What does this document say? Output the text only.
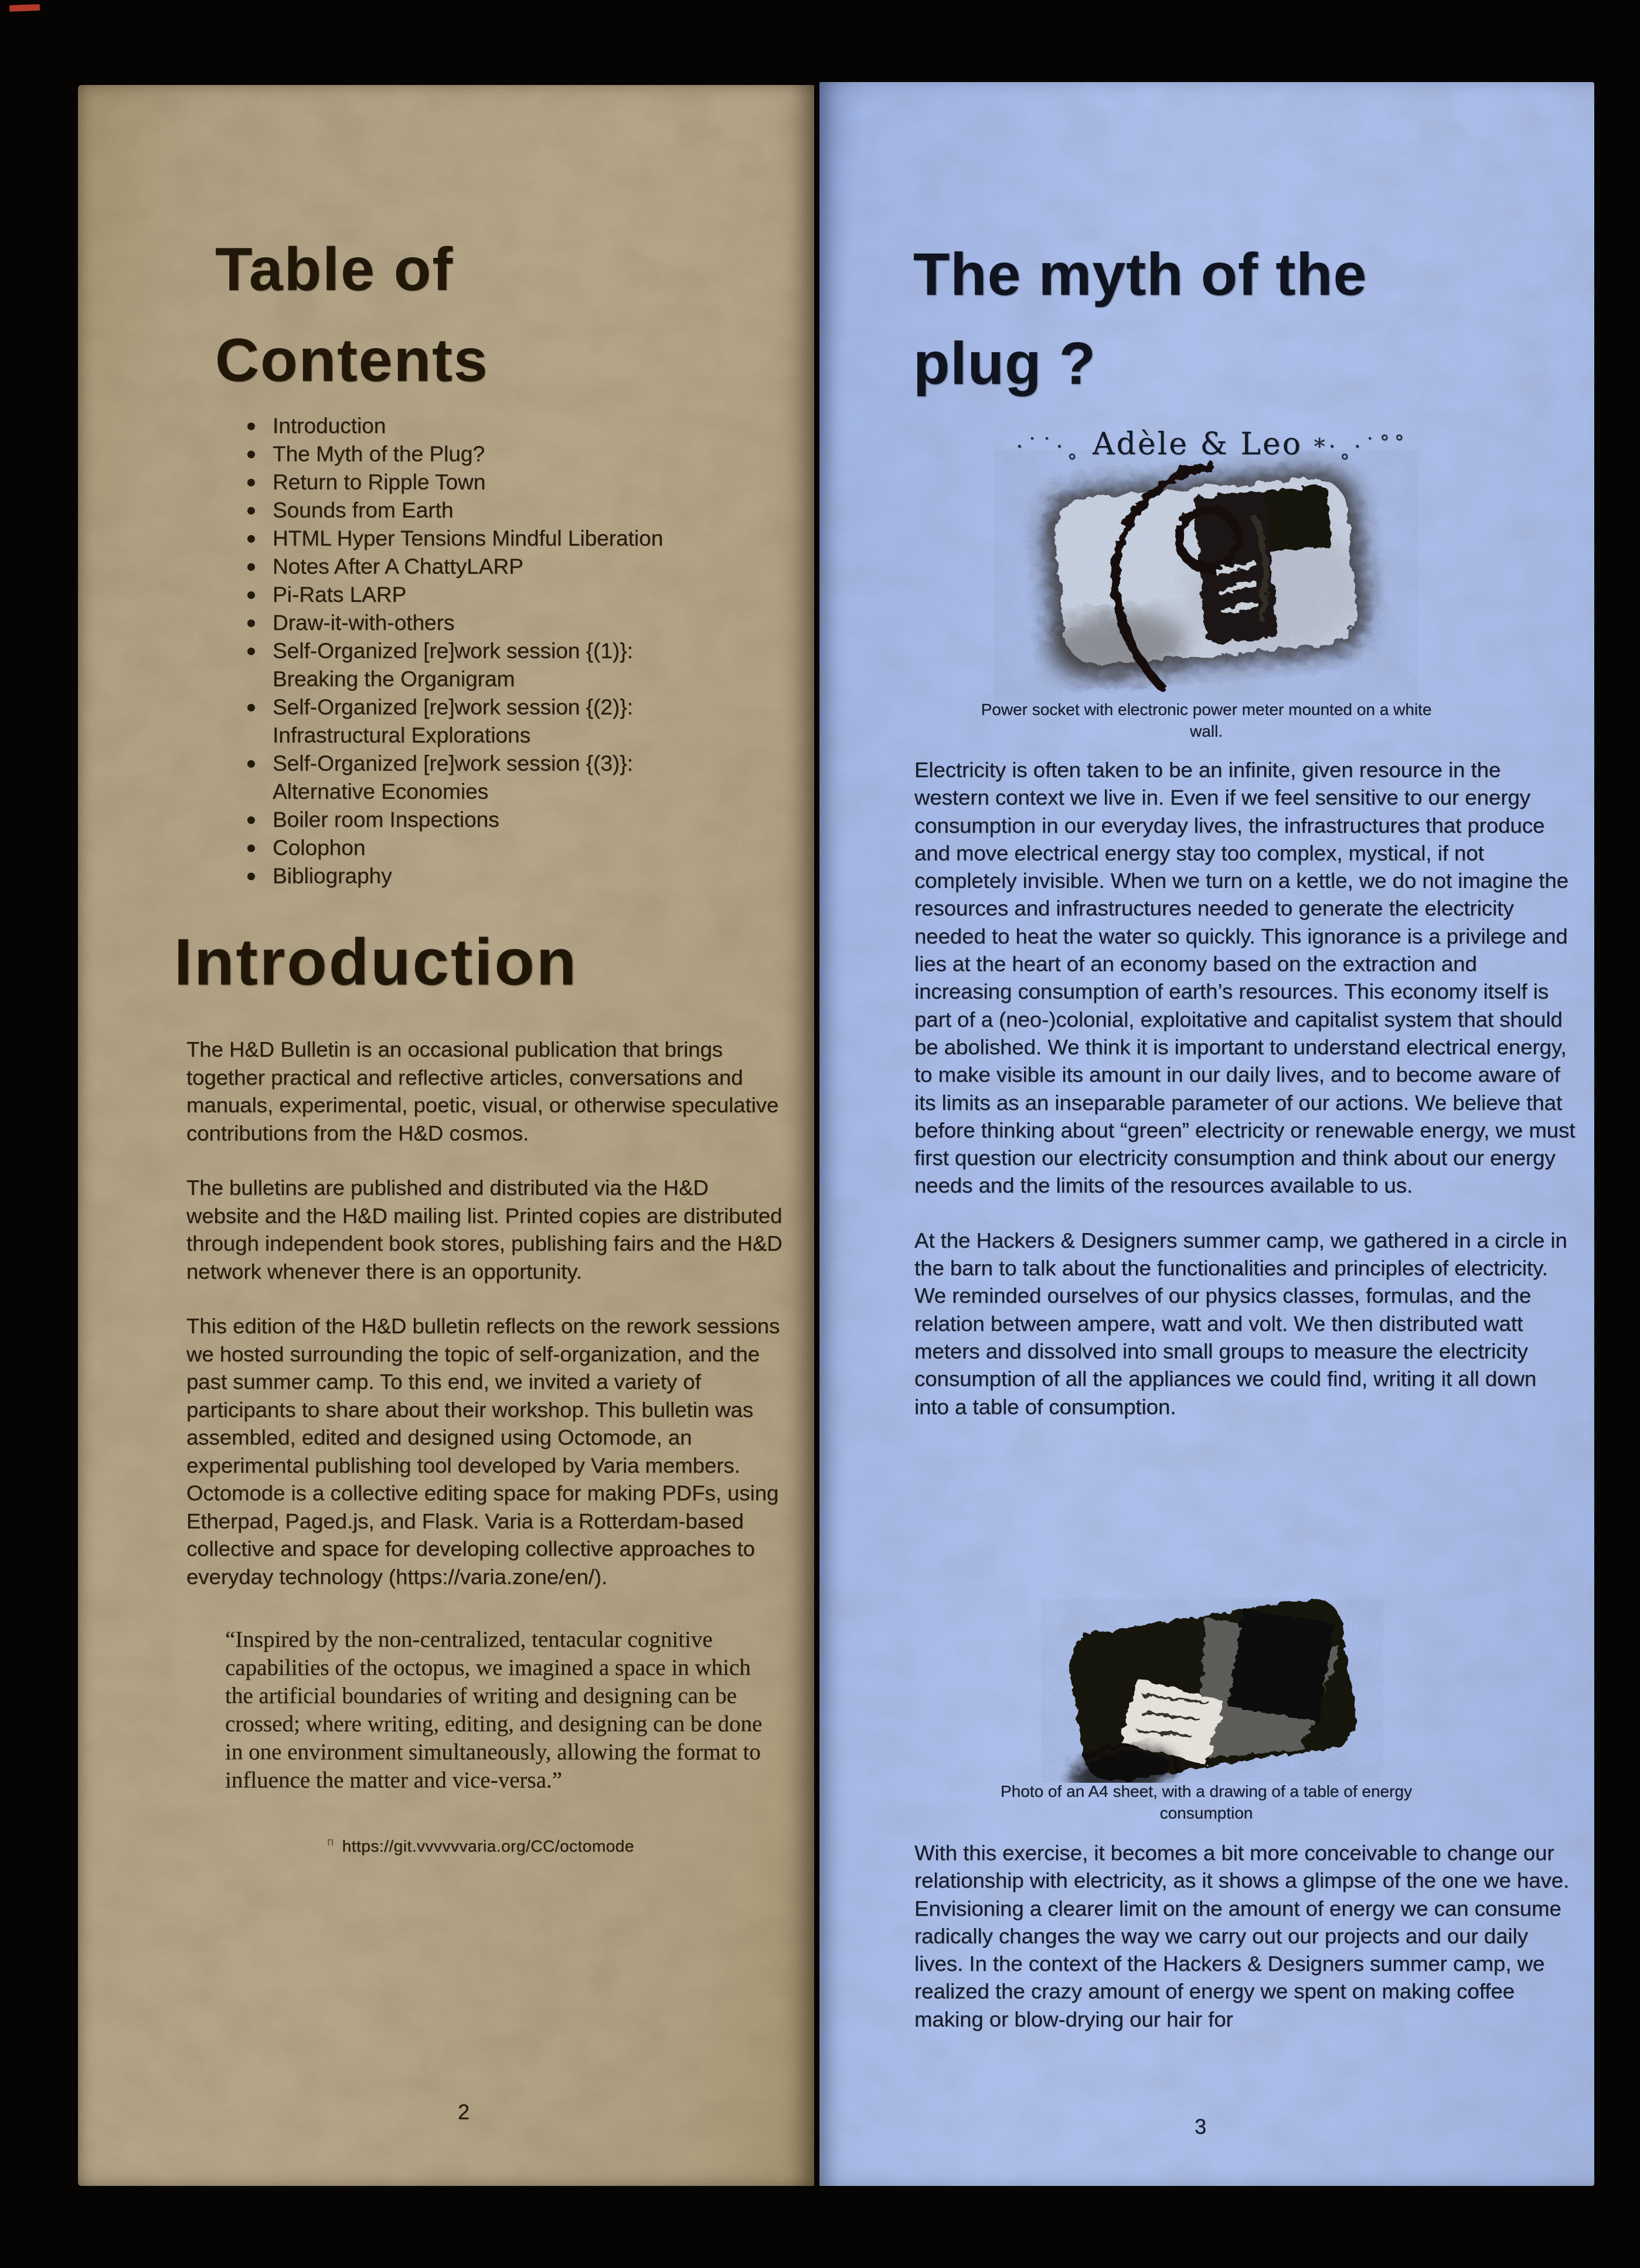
Table of Contents
Introduction
The Myth of the Plug?
Return to Ripple Town
Sounds from Earth
HTML Hyper Tensions Mindful Liberation
Notes After A ChattyLARP
Pi-Rats LARP
Draw-it-with-others
Self-Organized [re]work session {(1)}: Breaking the Organigram
Self-Organized [re]work session {(2)}: Infrastructural Explorations
Self-Organized [re]work session {(3)}: Alternative Economies
Boiler room Inspections
Colophon
Bibliography
Introduction

The H&D Bulletin is an occasional publication that brings together practical and reflective articles, conversations and manuals, experimental, poetic, visual, or otherwise speculative contributions from the H&D cosmos.

The bulletins are published and distributed via the H&D website and the H&D mailing list. Printed copies are distributed through independent book stores, publishing fairs and the H&D network whenever there is an opportunity.

This edition of the H&D bulletin reflects on the rework sessions we hosted surrounding the topic of self-organization, and the past summer camp. To this end, we invited a variety of participants to share about their workshop. This bulletin was assembled, edited and designed using Octomode, an experimental publishing tool developed by Varia members. Octomode is a collective editing space for making PDFs, using Etherpad, Paged.js, and Flask. Varia is a Rotterdam-based collective and space for developing collective approaches to everyday technology (https://varia.zone/en/).

“Inspired by the non-centralized, tentacular cognitive capabilities of the octopus, we imagined a space in which the artificial boundaries of writing and designing can be crossed; where writing, editing, and designing can be done in one environment simultaneously, allowing the format to influence the matter and vice-versa.”
$^n$ https://git.vvvvvvaria.org/CC/octomode
2
The myth of the plug ?
·˙˙·˳ Adèle & Leo *·˳·˙˚˚
Power socket with electronic power meter mounted on a white wall.

Electricity is often taken to be an infinite, given resource in the western context we live in. Even if we feel sensitive to our energy consumption in our everyday lives, the infrastructures that produce and move electrical energy stay too complex, mystical, if not completely invisible. When we turn on a kettle, we do not imagine the resources and infrastructures needed to generate the electricity needed to heat the water so quickly. This ignorance is a privilege and lies at the heart of an economy based on the extraction and increasing consumption of earth’s resources. This economy itself is part of a (neo-)colonial, exploitative and capitalist system that should be abolished. We think it is important to understand electrical energy, to make visible its amount in our daily lives, and to become aware of its limits as an inseparable parameter of our actions. We believe that before thinking about “green” electricity or renewable energy, we must first question our electricity consumption and think about our energy needs and the limits of the resources available to us.

At the Hackers & Designers summer camp, we gathered in a circle in the barn to talk about the functionalities and principles of electricity. We reminded ourselves of our physics classes, formulas, and the relation between ampere, watt and volt. We then distributed watt meters and dissolved into small groups to measure the electricity consumption of all the appliances we could find, writing it all down into a table of consumption.

Photo of an A4 sheet, with a drawing of a table of energy consumption

With this exercise, it becomes a bit more conceivable to change our relationship with electricity, as it shows a glimpse of the one we have. Envisioning a clearer limit on the amount of energy we can consume radically changes the way we carry out our projects and our daily lives. In the context of the Hackers & Designers summer camp, we realized the crazy amount of energy we spent on making coffee making or blow-drying our hair for

3
